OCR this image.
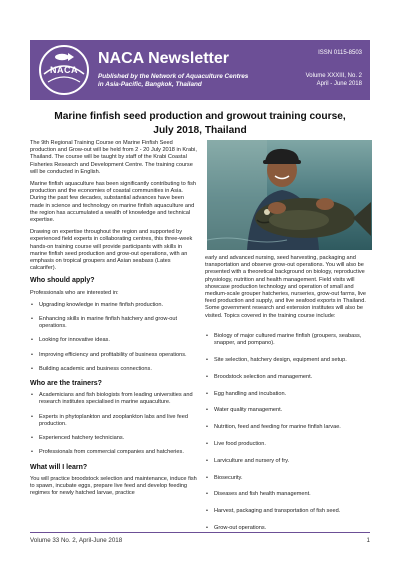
NACA
NACA Newsletter
Published by the Network of Aquaculture Centres
in Asia-Pacific, Bangkok, Thailand
ISSN 0115-8503
Volume XXXIII, No. 2
April - June 2018
Marine finfish seed production and growout training course,
July 2018, Thailand

The 9th Regional Training Course on Marine Finfish Seed production and Grow-out will be held from 2 - 20 July 2018 in Krabi, Thailand. The course will be taught by staff of the Krabi Coastal Fisheries Research and Development Centre. The training course will be conducted in English.

Marine finfish aquaculture has been significantly contributing to fish production and the economies of coastal communities in Asia. During the past few decades, substantial advances have been made in science and technology on marine finfish aquaculture and the region has accumulated a wealth of knowledge and technical expertise.

Drawing on expertise throughout the region and supported by experienced field experts in collaborating centres, this three-week hands-on training course will provide participants with skills in marine finfish seed production and grow-out operations, with an emphasis on tropical groupers and Asian seabass (Lates calcarifer).

Who should apply?

Professionals who are interested in:

• Upgrading knowledge in marine finfish production.
• Enhancing skills in marine finfish hatchery and grow-out operations.
• Looking for innovative ideas.
• Improving efficiency and profitability of business operations.
• Building academic and business connections.
Who are the trainers?
• Academicians and fish biologists from leading universities and research institutes specialised in marine aquaculture.
• Experts in phytoplankton and zooplankton labs and live feed production.
• Experienced hatchery technicians.
• Professionals from commercial companies and hatcheries.
What will I learn?

You will practice broodstock selection and maintenance, induce fish to spawn, incubate eggs, prepare live feed and develop feeding regimes for newly hatched larvae, practice

early and advanced nursing, seed harvesting, packaging and transportation and observe grow-out operations. You will also be presented with a theoretical background on biology, reproductive physiology, nutrition and health management. Field visits will showcase production technology and operation of small and medium-scale grouper hatcheries, nurseries, grow-out farms, live feed production and supply, and live seafood exports in Thailand. Some government research and extension institutes will also be visited. Topics covered in the training course include:

• Biology of major cultured marine finfish (groupers, seabass, snapper, and pompano).
• Site selection, hatchery design, equipment and setup.
• Broodstock selection and management.
• Egg handling and incubation.
• Water quality management.
• Nutrition, feed and feeding for marine finfish larvae.
• Live food production.
• Larviculture and nursery of fry.
• Biosecurity.
• Diseases and fish health management.
• Harvest, packaging and transportation of fish seed.
• Grow-out operations.
Volume 33 No. 2, April-June 2018	1
